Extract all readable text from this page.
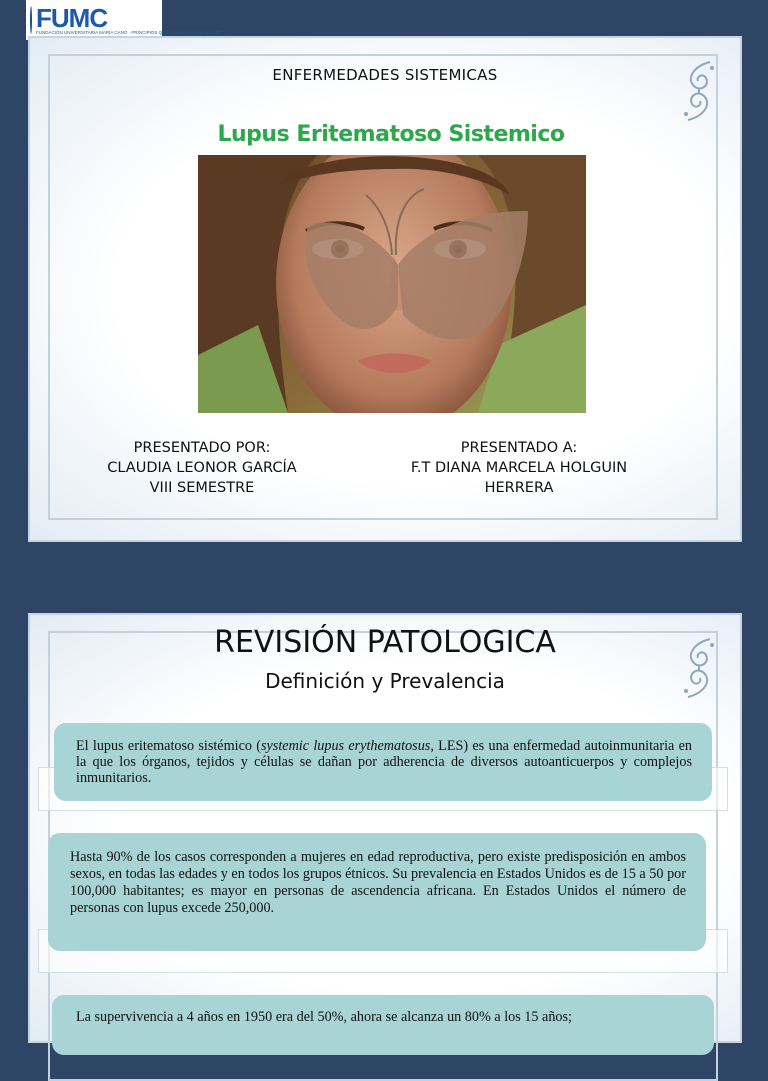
FUMC
FUNDACIÓN UNIVERSITARIA MARÍA CANO · PRINCIPIOS QUE CONSTRUYEN FUTURO
ENFERMEDADES SISTEMICAS
Lupus Eritematoso Sistemico
PRESENTADO POR:
CLAUDIA LEONOR GARCÍA
VIII SEMESTRE
PRESENTADO A:
F.T DIANA MARCELA HOLGUIN
HERRERA
REVISIÓN PATOLOGICA
Definición y Prevalencia

El lupus eritematoso sistémico (systemic lupus erythematosus, LES) es una enfermedad autoinmunitaria en la que los órganos, tejidos y células se dañan por adherencia de diversos autoanticuerpos y complejos inmunitarios.

Hasta 90% de los casos corresponden a mujeres en edad reproductiva, pero existe predisposición en ambos sexos, en todas las edades y en todos los grupos étnicos. Su prevalencia en Estados Unidos es de 15 a 50 por 100,000 habitantes; es mayor en personas de ascendencia africana. En Estados Unidos el número de personas con lupus excede 250,000.

La supervivencia a 4 años en 1950 era del 50%, ahora se alcanza un 80% a los 15 años;
